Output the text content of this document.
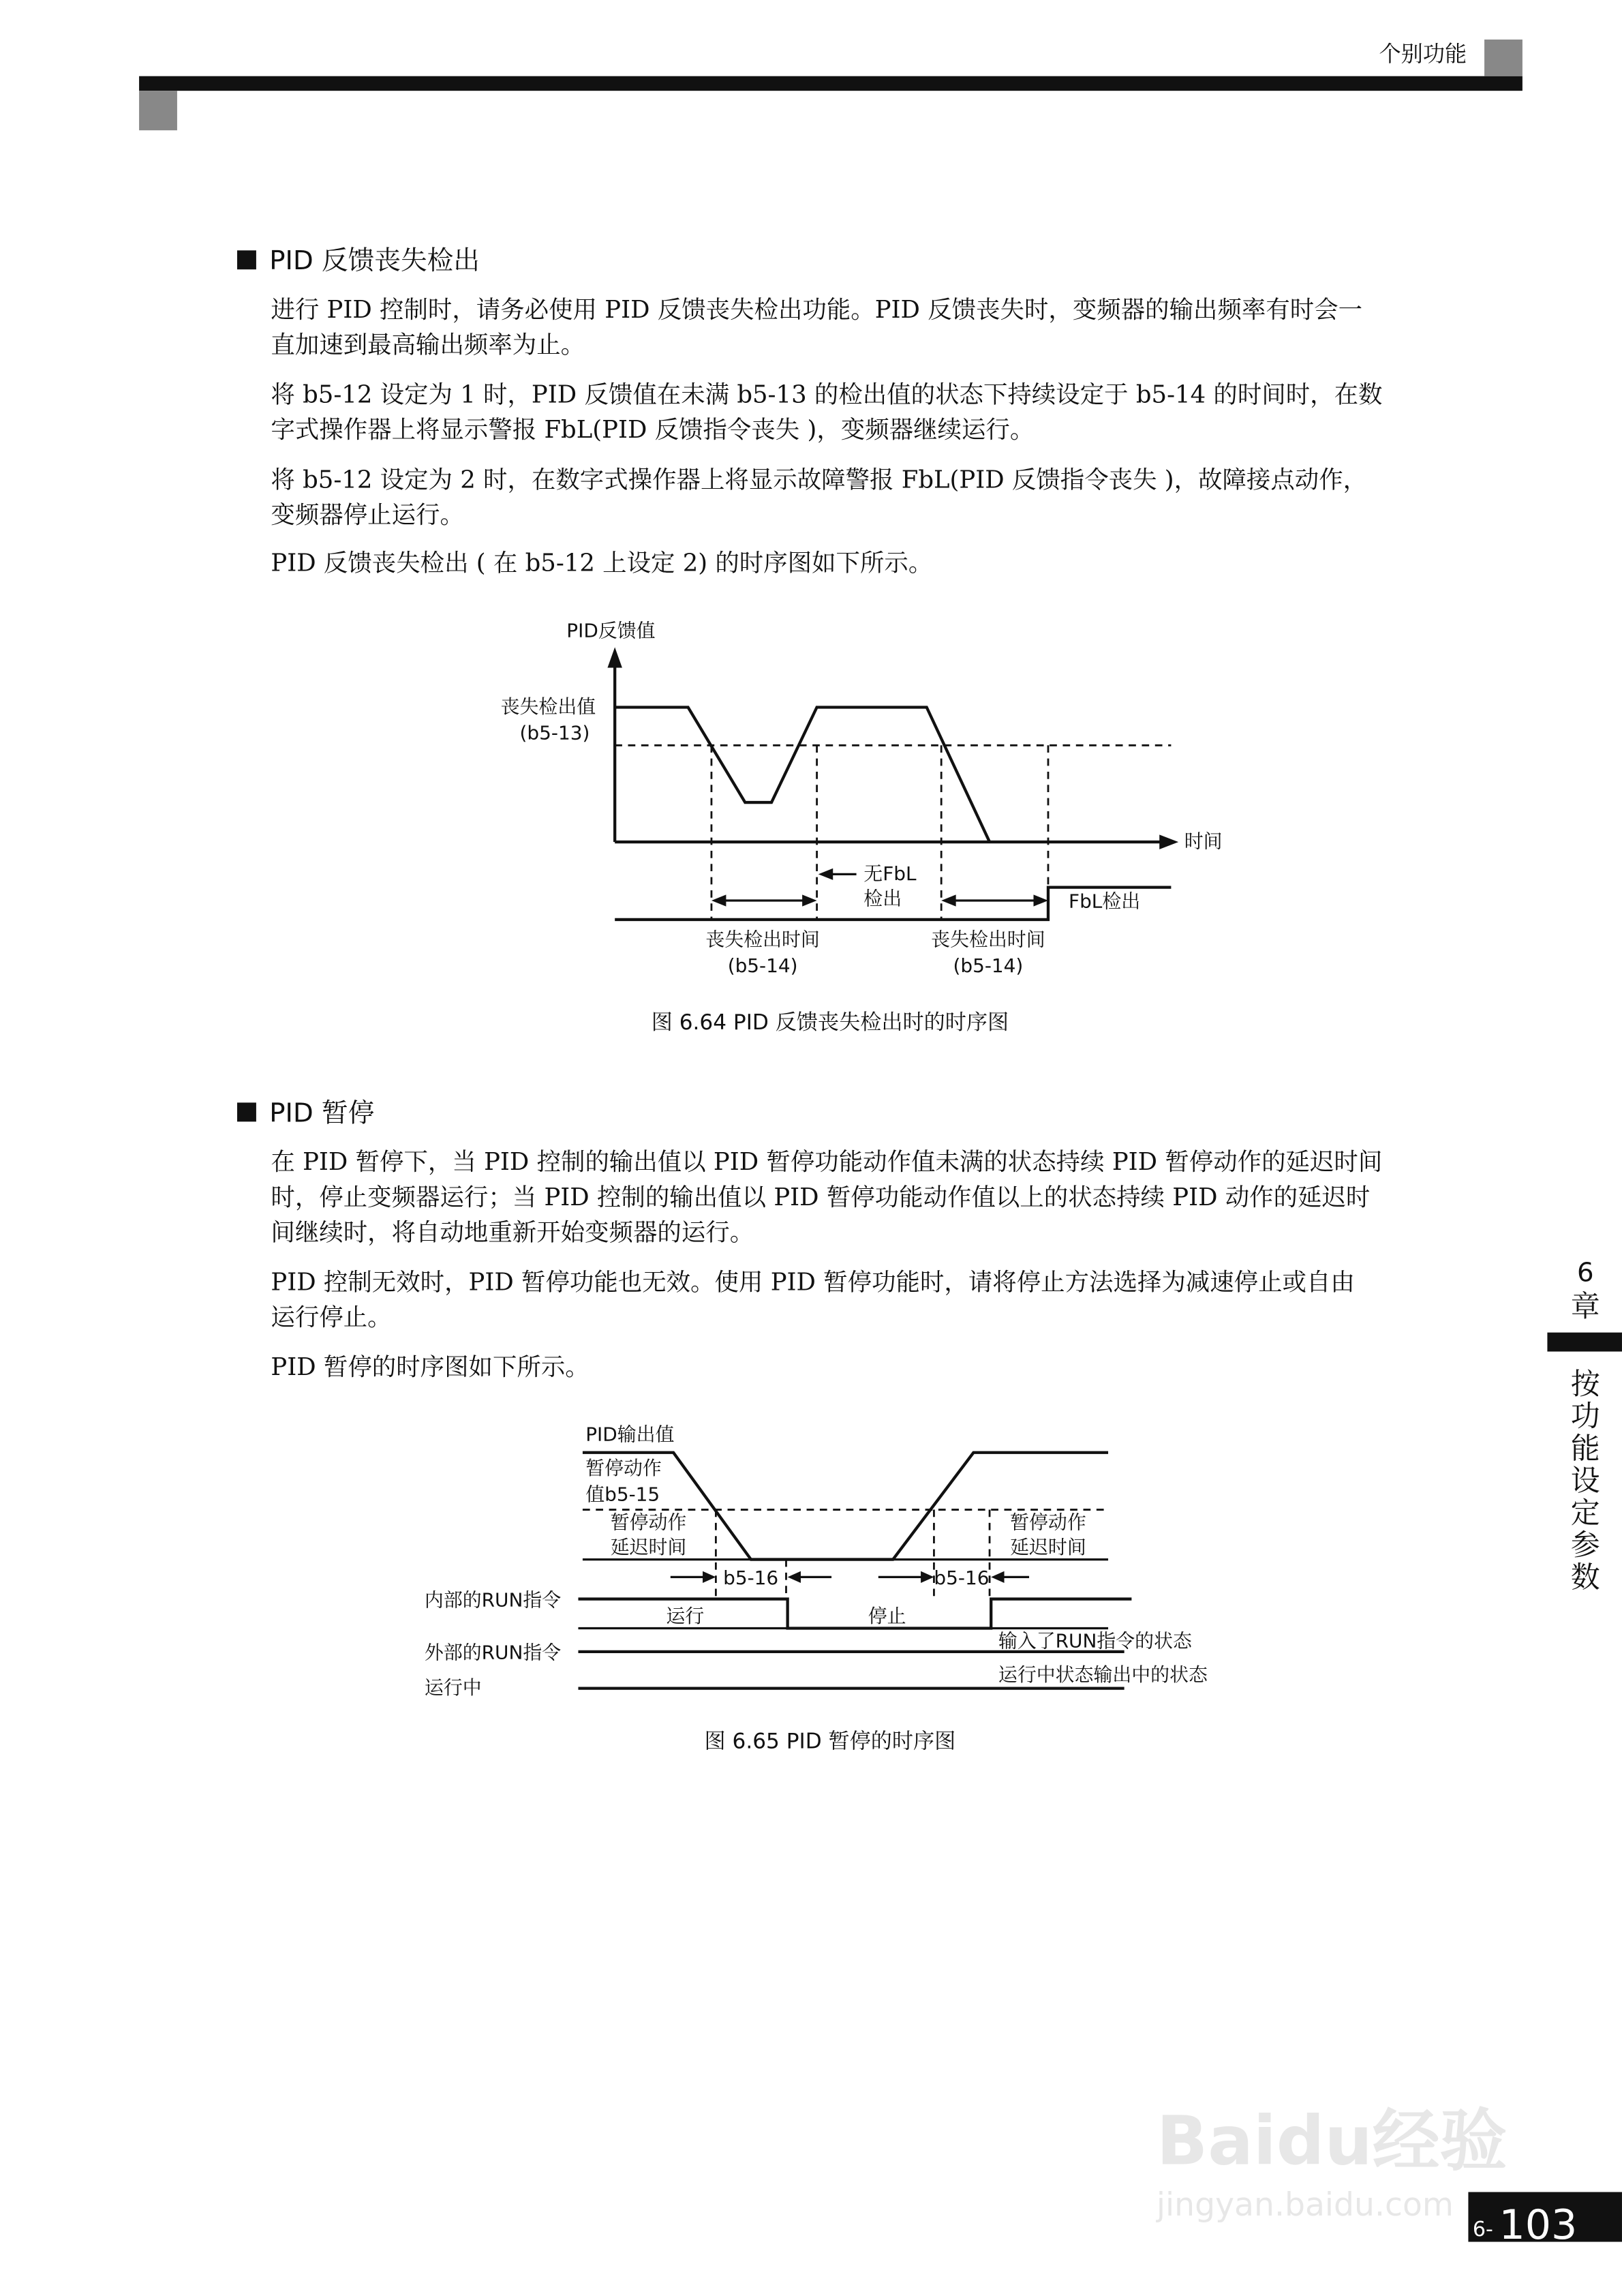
个别功能
PID 反馈丧失检出
进行 PID 控制时，请务必使用 PID 反馈丧失检出功能。PID 反馈丧失时，变频器的输出频率有时会一
直加速到最高输出频率为止。
将 b5-12 设定为 1 时，PID 反馈值在未满 b5-13 的检出值的状态下持续设定于 b5-14 的时间时，在数
字式操作器上将显示警报 FbL(PID 反馈指令丧失 )，变频器继续运行。
将 b5-12 设定为 2 时，在数字式操作器上将显示故障警报 FbL(PID 反馈指令丧失 )，故障接点动作，
变频器停止运行。
PID 反馈丧失检出 ( 在 b5-12 上设定 2) 的时序图如下所示。
PID反馈值
时间
丧失检出值
(b5-13)
无FbL
检出	FbL检出
丧失检出时间
(b5-14)
丧失检出时间
(b5-14)
图 6.64 PID 反馈丧失检出时的时序图
PID 暂停
在 PID 暂停下，当 PID 控制的输出值以 PID 暂停功能动作值未满的状态持续 PID 暂停动作的延迟时间
时，停止变频器运行；当 PID 控制的输出值以 PID 暂停功能动作值以上的状态持续 PID 动作的延迟时
间继续时，将自动地重新开始变频器的运行。
PID 控制无效时，PID 暂停功能也无效。使用 PID 暂停功能时，请将停止方法选择为减速停止或自由
运行停止。
PID 暂停的时序图如下所示。
PID输出值
暂停动作
值b5-15
暂停动作
延迟时间
暂停动作
延迟时间
b5-16	b5-16
内部的RUN指令
运行	停止
输入了RUN指令的状态
外部的RUN指令
运行中状态输出中的状态
运行中
图 6.65 PID 暂停的时序图
6
章
按
功
能
设
定
参
数
Baidu经验
jingyan.baidu.com
6- 103
